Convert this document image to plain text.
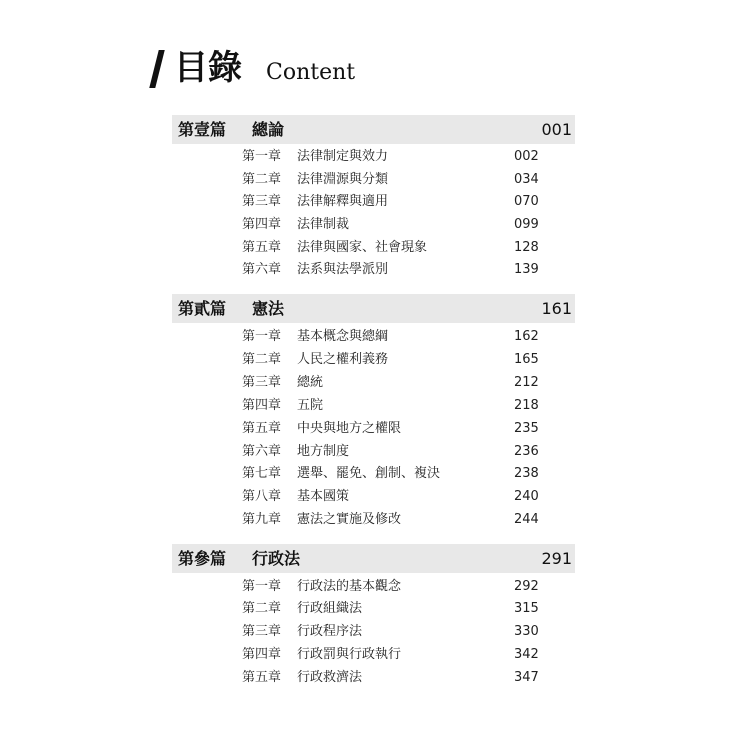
目錄 Content
第壹篇 總論	001
第一章 法律制定與效力	002
第二章 法律淵源與分類	034
第三章 法律解釋與適用	070
第四章 法律制裁	099
第五章 法律與國家、社會現象	128
第六章 法系與法學派別	139
第貳篇 憲法	161
第一章 基本概念與總綱	162
第二章 人民之權利義務	165
第三章 總統	212
第四章 五院	218
第五章 中央與地方之權限	235
第六章 地方制度	236
第七章 選舉、罷免、創制、複決	238
第八章 基本國策	240
第九章 憲法之實施及修改	244
第參篇 行政法	291
第一章 行政法的基本觀念	292
第二章 行政組織法	315
第三章 行政程序法	330
第四章 行政罰與行政執行	342
第五章 行政救濟法	347
